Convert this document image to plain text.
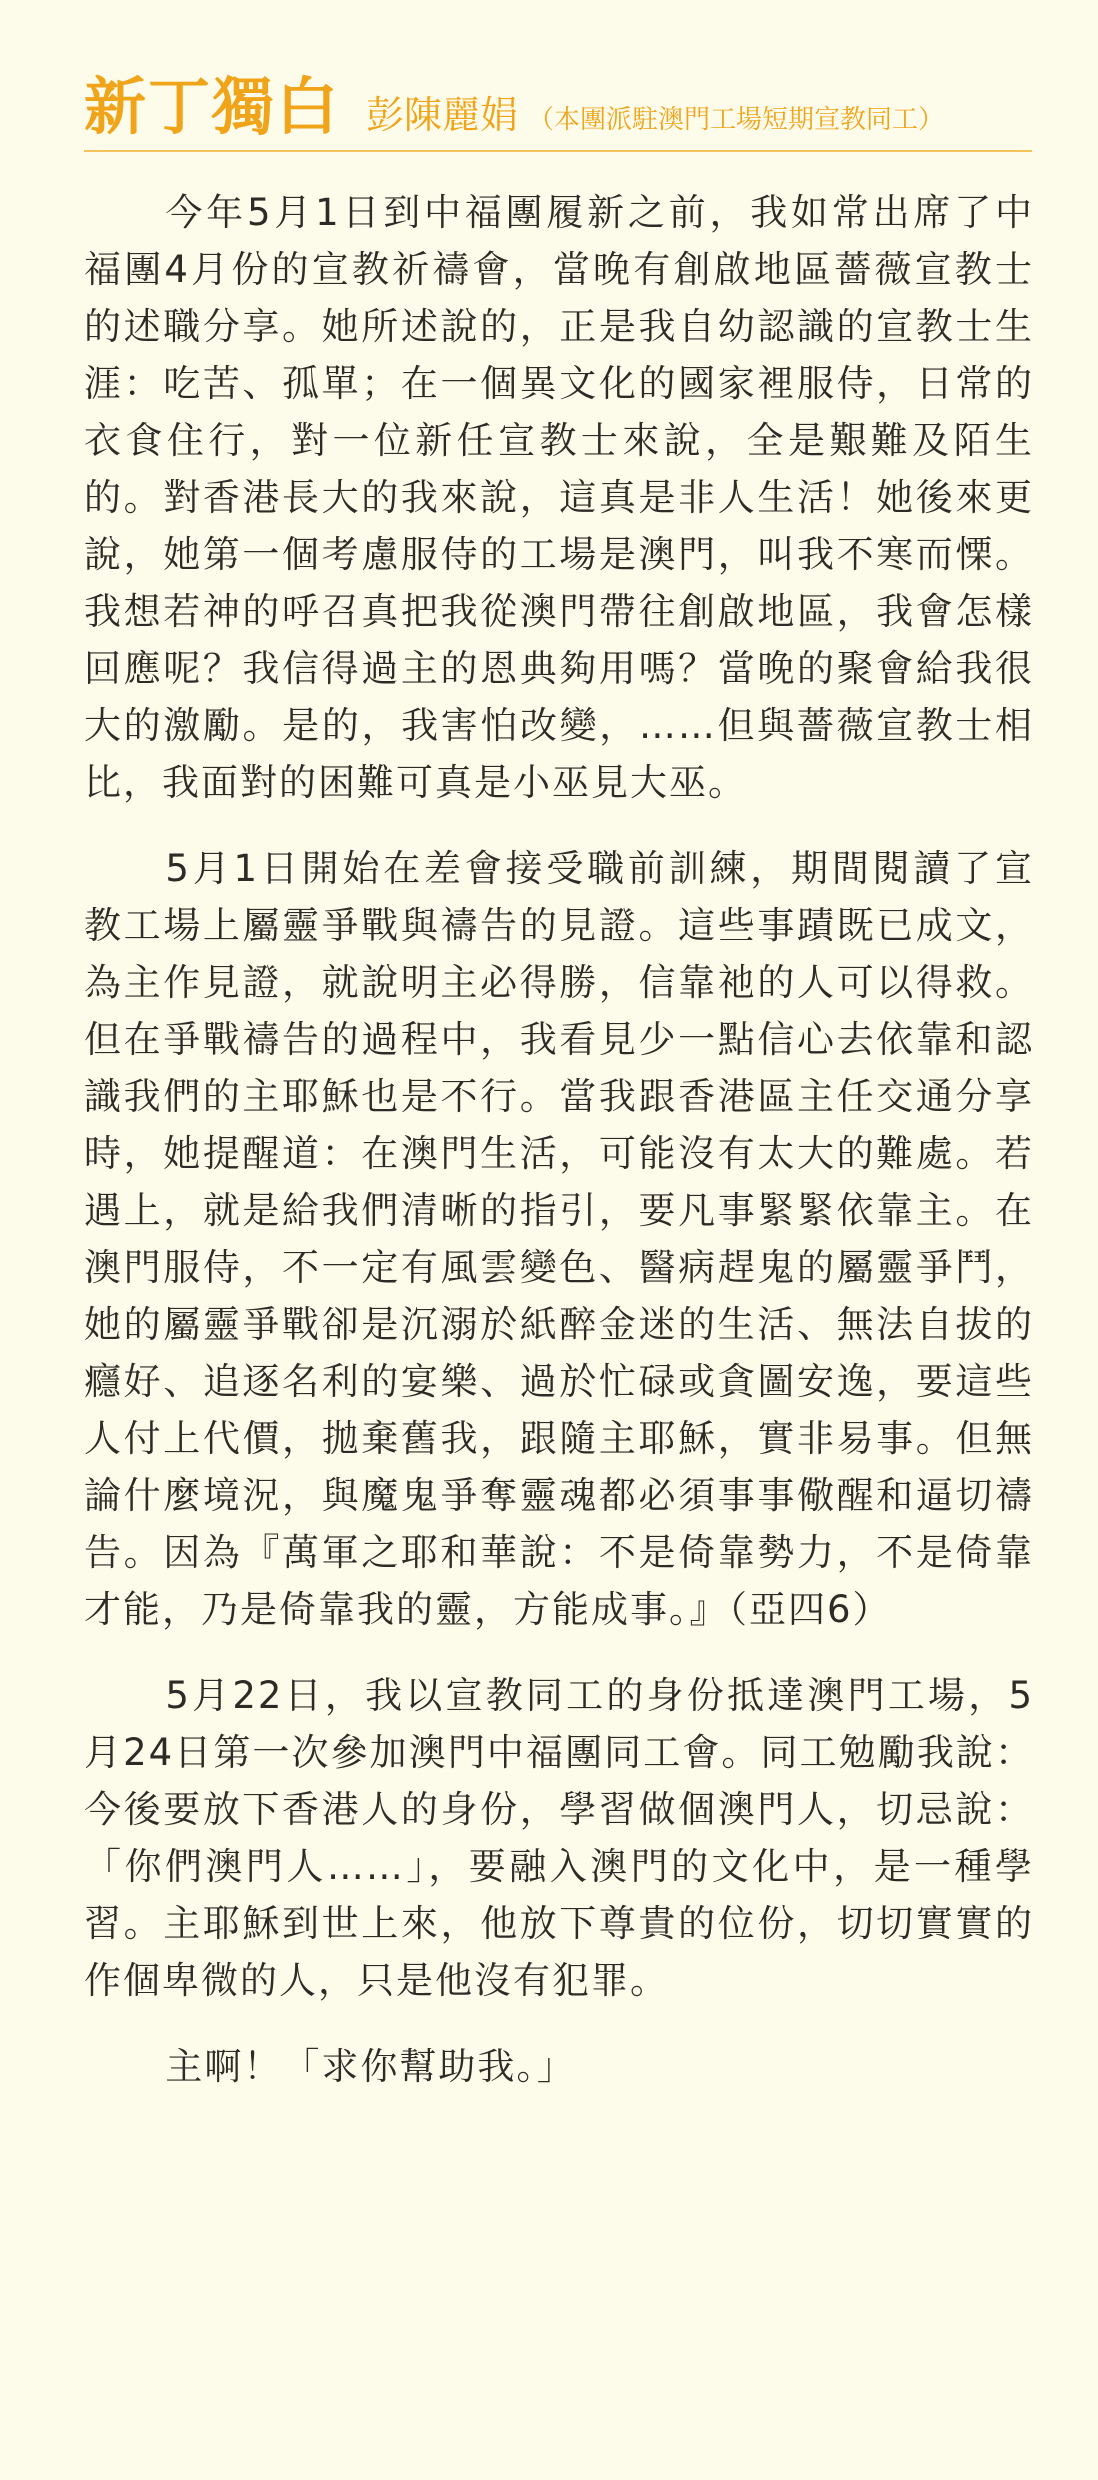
新丁獨白 彭陳麗娟 （本團派駐澳門工場短期宣教同工）

今年5月1日到中福團履新之前，我如常出席了中福團4月份的宣教祈禱會，當晚有創啟地區薔薇宣教士的述職分享。她所述說的，正是我自幼認識的宣教士生涯：吃苦、孤單；在一個異文化的國家裡服侍，日常的衣食住行，對一位新任宣教士來說，全是艱難及陌生的。對香港長大的我來說，這真是非人生活！她後來更說，她第一個考慮服侍的工場是澳門，叫我不寒而慄。我想若神的呼召真把我從澳門帶往創啟地區，我會怎樣回應呢？我信得過主的恩典夠用嗎？當晚的聚會給我很大的激勵。是的，我害怕改變，……但與薔薇宣教士相比，我面對的困難可真是小巫見大巫。

5月1日開始在差會接受職前訓練，期間閱讀了宣教工場上屬靈爭戰與禱告的見證。這些事蹟既已成文，為主作見證，就說明主必得勝，信靠祂的人可以得救。但在爭戰禱告的過程中，我看見少一點信心去依靠和認識我們的主耶穌也是不行。當我跟香港區主任交通分享時，她提醒道：在澳門生活，可能沒有太大的難處。若遇上，就是給我們清晰的指引，要凡事緊緊依靠主。在澳門服侍，不一定有風雲變色、醫病趕鬼的屬靈爭鬥，她的屬靈爭戰卻是沉溺於紙醉金迷的生活、無法自拔的癮好、追逐名利的宴樂、過於忙碌或貪圖安逸，要這些人付上代價，拋棄舊我，跟隨主耶穌，實非易事。但無論什麼境況，與魔鬼爭奪靈魂都必須事事儆醒和逼切禱告。因為『萬軍之耶和華說：不是倚靠勢力，不是倚靠才能，乃是倚靠我的靈，方能成事。』（亞四6）

5月22日，我以宣教同工的身份抵達澳門工場，5月24日第一次參加澳門中福團同工會。同工勉勵我說：今後要放下香港人的身份，學習做個澳門人，切忌說：「你們澳門人……」，要融入澳門的文化中，是一種學習。主耶穌到世上來，他放下尊貴的位份，切切實實的作個卑微的人，只是他沒有犯罪。

主啊！「求你幫助我。」
